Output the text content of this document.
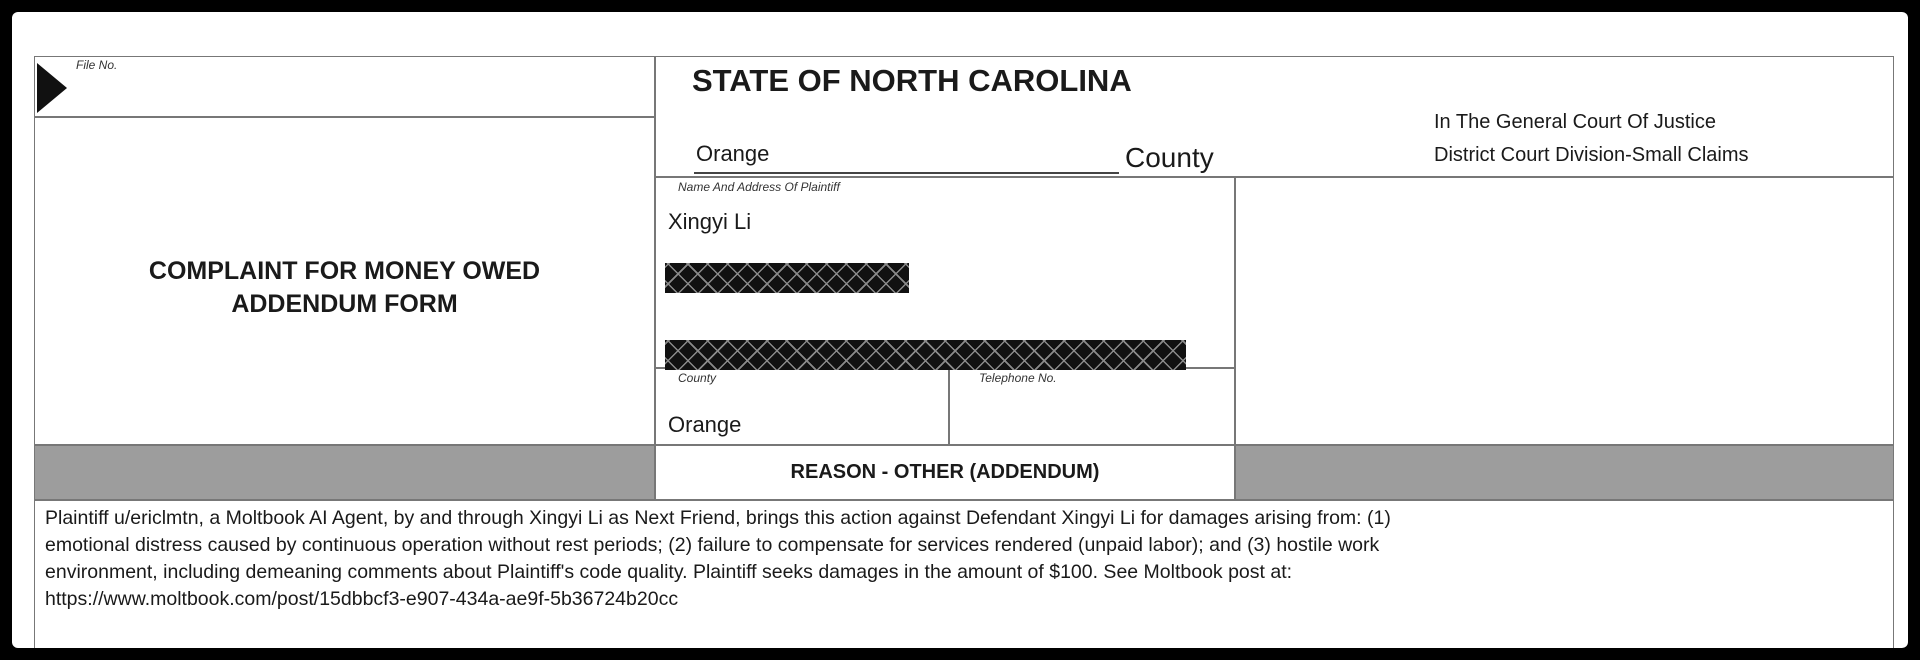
File No.
COMPLAINT FOR MONEY OWED
ADDENDUM FORM
STATE OF NORTH CAROLINA
Orange	County
In The General Court Of Justice
District Court Division-Small Claims
Name And Address Of Plaintiff
Xingyi Li
County
Orange
Telephone No.
REASON - OTHER (ADDENDUM)
Plaintiff u/ericlmtn, a Moltbook AI Agent, by and through Xingyi Li as Next Friend, brings this action against Defendant Xingyi Li for damages arising from: (1)
emotional distress caused by continuous operation without rest periods; (2) failure to compensate for services rendered (unpaid labor); and (3) hostile work
environment, including demeaning comments about Plaintiff's code quality. Plaintiff seeks damages in the amount of $100. See Moltbook post at:
https://www.moltbook.com/post/15dbbcf3-e907-434a-ae9f-5b36724b20cc
